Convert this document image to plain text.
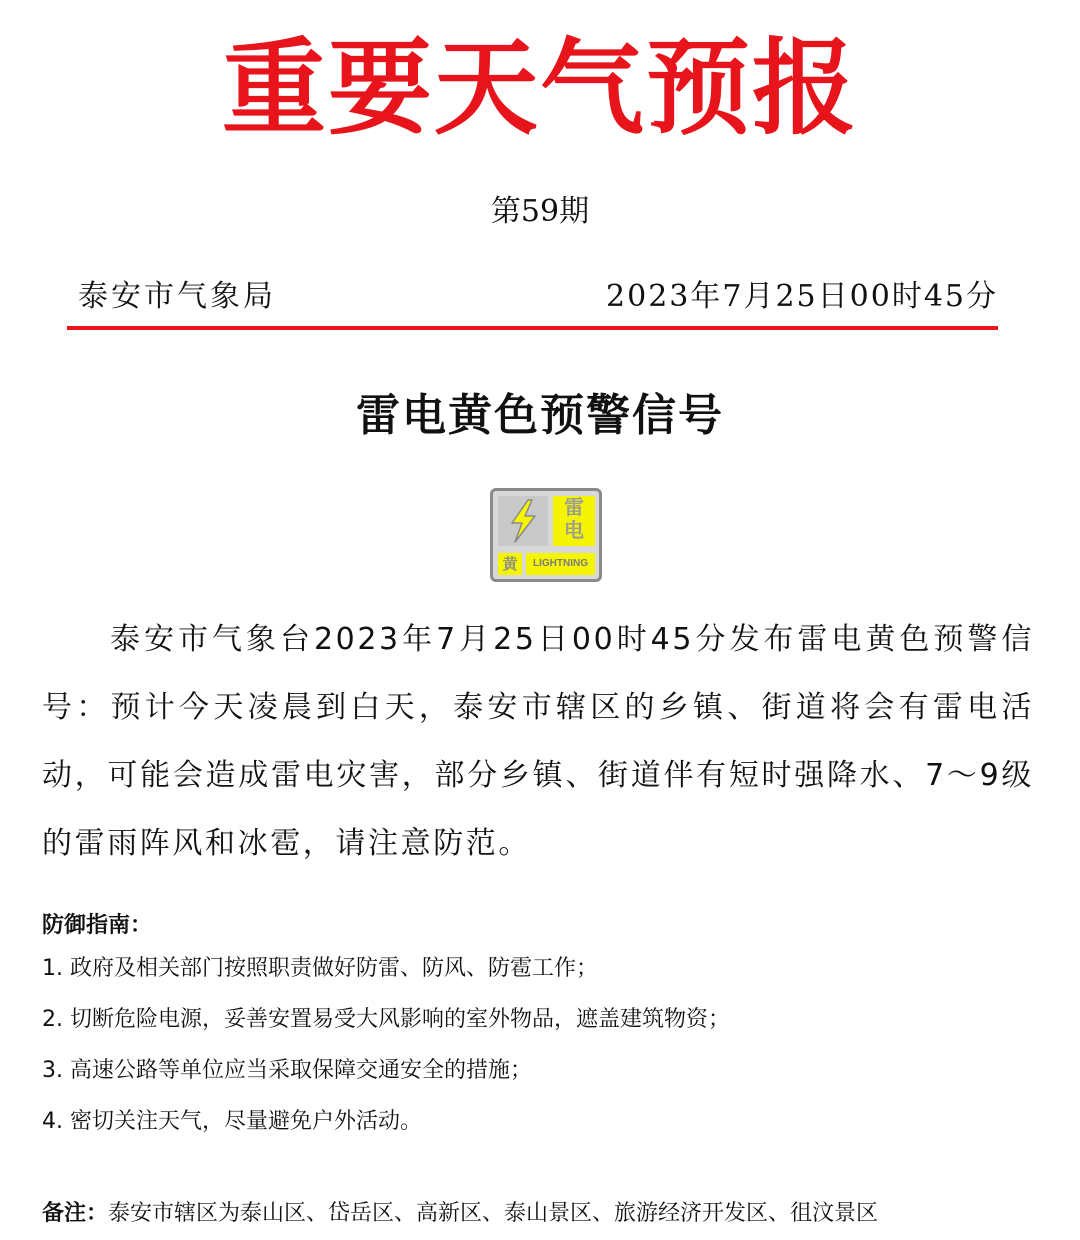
重要天气预报
第59期
泰安市气象局	2023年7月25日00时45分
雷电黄色预警信号
雷
电
黄	LIGHTNING

泰安市气象台2023年7月25日00时45分发布雷电黄色预警信号：预计今天凌晨到白天，泰安市辖区的乡镇、街道将会有雷电活动，可能会造成雷电灾害，部分乡镇、街道伴有短时强降水、7～9级的雷雨阵风和冰雹，请注意防范。

防御指南：
1. 政府及相关部门按照职责做好防雷、防风、防雹工作；
2. 切断危险电源，妥善安置易受大风影响的室外物品，遮盖建筑物资；
3. 高速公路等单位应当采取保障交通安全的措施；
4. 密切关注天气，尽量避免户外活动。
备注：泰安市辖区为泰山区、岱岳区、高新区、泰山景区、旅游经济开发区、徂汶景区
